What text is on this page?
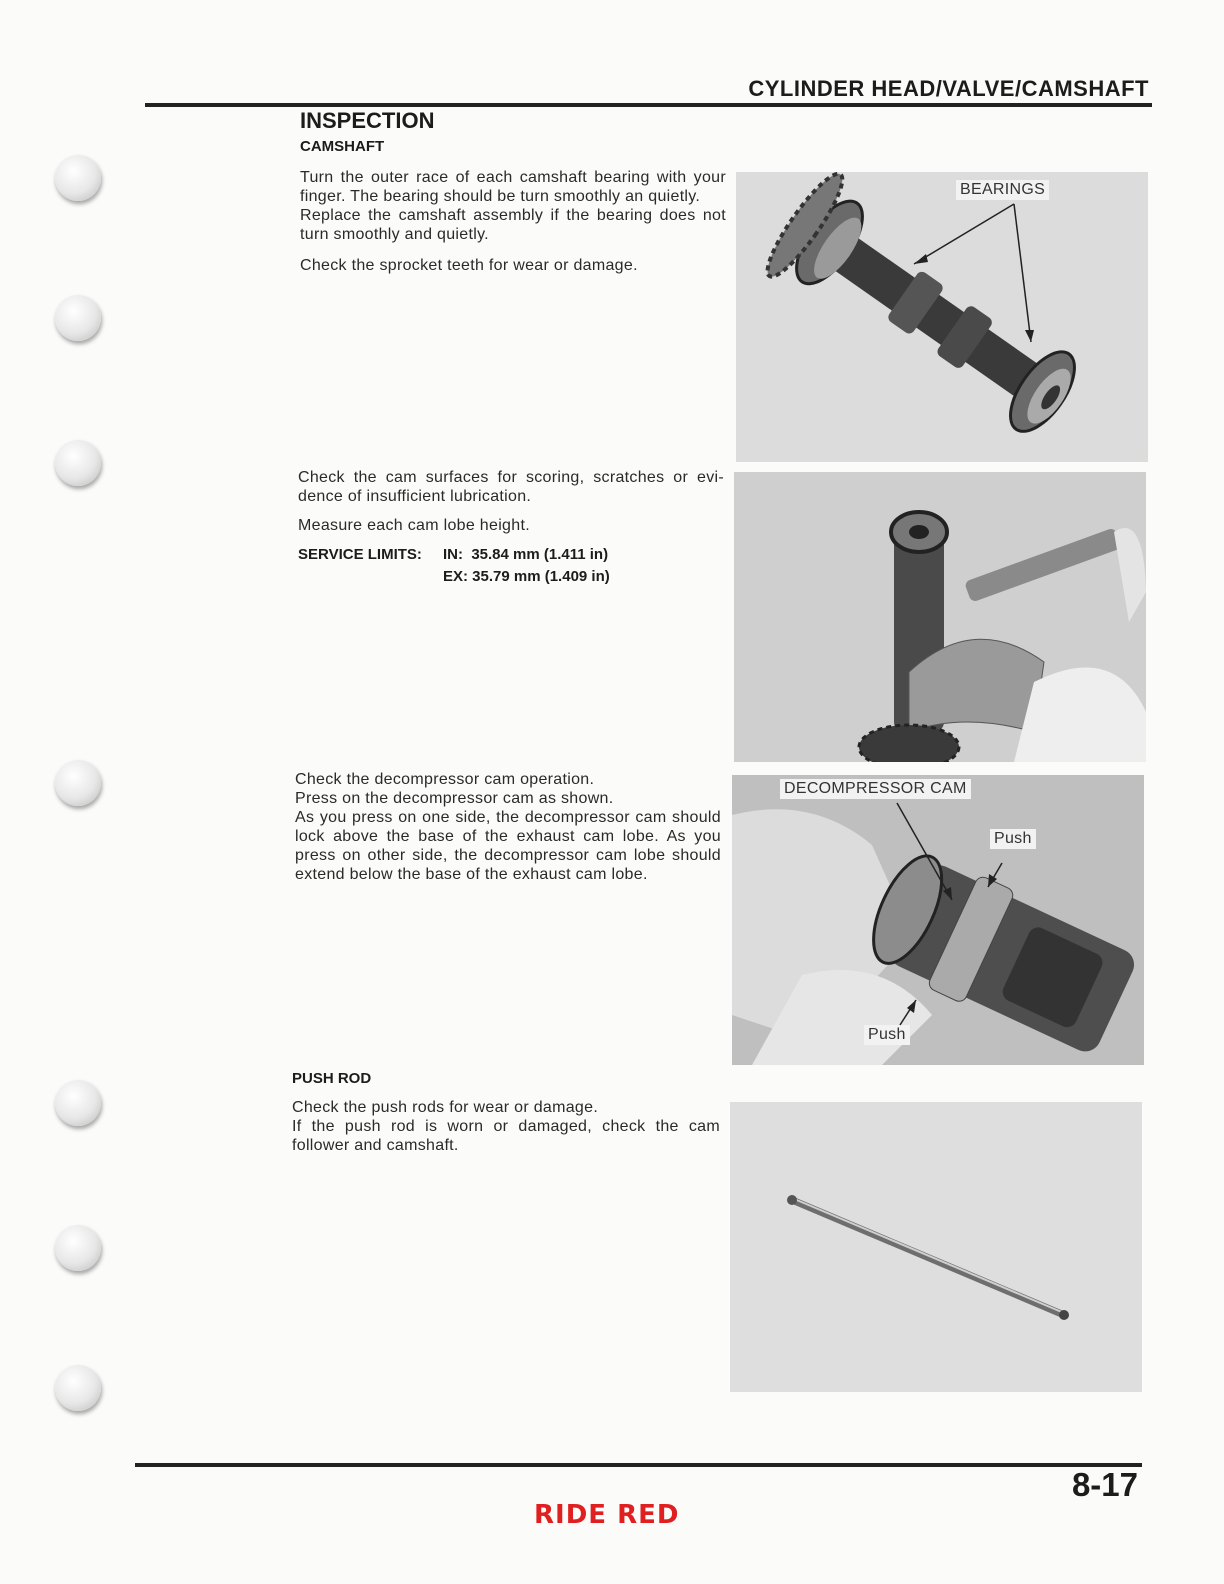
CYLINDER HEAD/VALVE/CAMSHAFT
INSPECTION
CAMSHAFT

Turn the outer race of each camshaft bearing with your finger. The bearing should be turn smoothly an quietly.

Replace the camshaft assembly if the bearing does not turn smoothly and quietly.

Check the sprocket teeth for wear or damage.

Check the cam surfaces for scoring, scratches or evi- dence of insufficient lubrication.

Measure each cam lobe height.

SERVICE LIMITS: IN:  35.84 mm (1.411 in)
EX: 35.79 mm (1.409 in)

Check the decompressor cam operation.

Press on the decompressor cam as shown.

As you press on one side, the decompressor cam should lock above the base of the exhaust cam lobe. As you press on other side, the decompressor cam lobe should extend below the base of the exhaust cam lobe.

PUSH ROD

Check the push rods for wear or damage.

If the push rod is worn or damaged, check the cam follower and camshaft.

BEARINGS
DECOMPRESSOR CAM
Push
Push
8-17
RIDE RED
